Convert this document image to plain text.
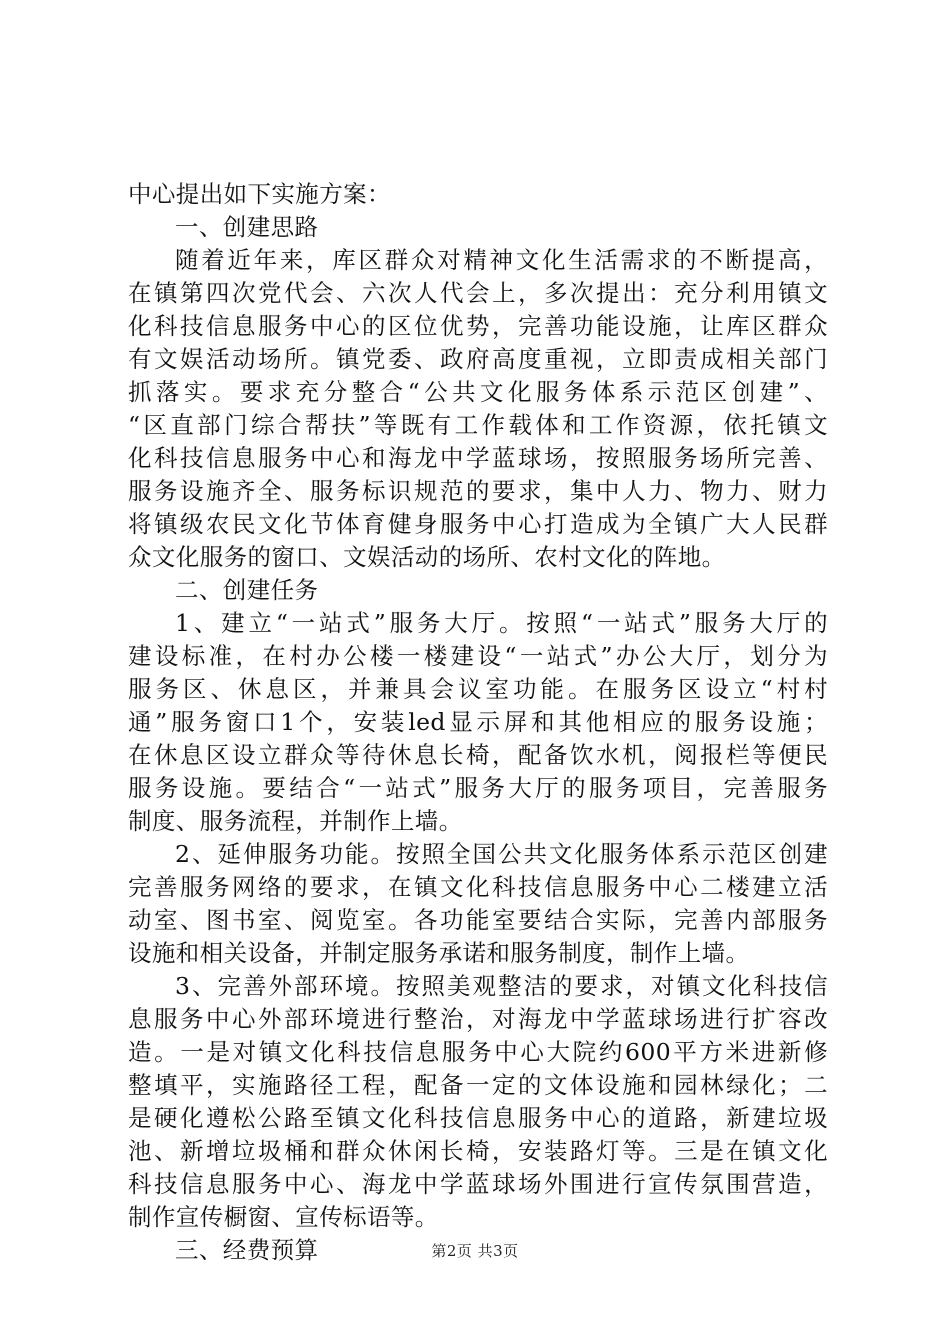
中心提出如下实施方案：
一、创建思路
随着近年来，库区群众对精神文化生活需求的不断提高，
在镇第四次党代会、六次人代会上，多次提出：充分利用镇文
化科技信息服务中心的区位优势，完善功能设施，让库区群众
有文娱活动场所。镇党委、政府高度重视，立即责成相关部门
抓落实。要求充分整合“公共文化服务体系示范区创建”、
“区直部门综合帮扶”等既有工作载体和工作资源，依托镇文
化科技信息服务中心和海龙中学蓝球场，按照服务场所完善、
服务设施齐全、服务标识规范的要求，集中人力、物力、财力
将镇级农民文化节体育健身服务中心打造成为全镇广大人民群
众文化服务的窗口、文娱活动的场所、农村文化的阵地。
二、创建任务
1、建立“一站式”服务大厅。按照“一站式”服务大厅的
建设标准，在村办公楼一楼建设“一站式”办公大厅，划分为
服务区、休息区，并兼具会议室功能。在服务区设立“村村
通”服务窗口1个，安装led显示屏和其他相应的服务设施；
在休息区设立群众等待休息长椅，配备饮水机，阅报栏等便民
服务设施。要结合“一站式”服务大厅的服务项目，完善服务
制度、服务流程，并制作上墙。
2、延伸服务功能。按照全国公共文化服务体系示范区创建
完善服务网络的要求，在镇文化科技信息服务中心二楼建立活
动室、图书室、阅览室。各功能室要结合实际，完善内部服务
设施和相关设备，并制定服务承诺和服务制度，制作上墙。
3、完善外部环境。按照美观整洁的要求，对镇文化科技信
息服务中心外部环境进行整治，对海龙中学蓝球场进行扩容改
造。一是对镇文化科技信息服务中心大院约600平方米进新修
整填平，实施路径工程，配备一定的文体设施和园林绿化；二
是硬化遵松公路至镇文化科技信息服务中心的道路，新建垃圾
池、新增垃圾桶和群众休闲长椅，安装路灯等。三是在镇文化
科技信息服务中心、海龙中学蓝球场外围进行宣传氛围营造，
制作宣传橱窗、宣传标语等。
三、经费预算	第2页 共3页
